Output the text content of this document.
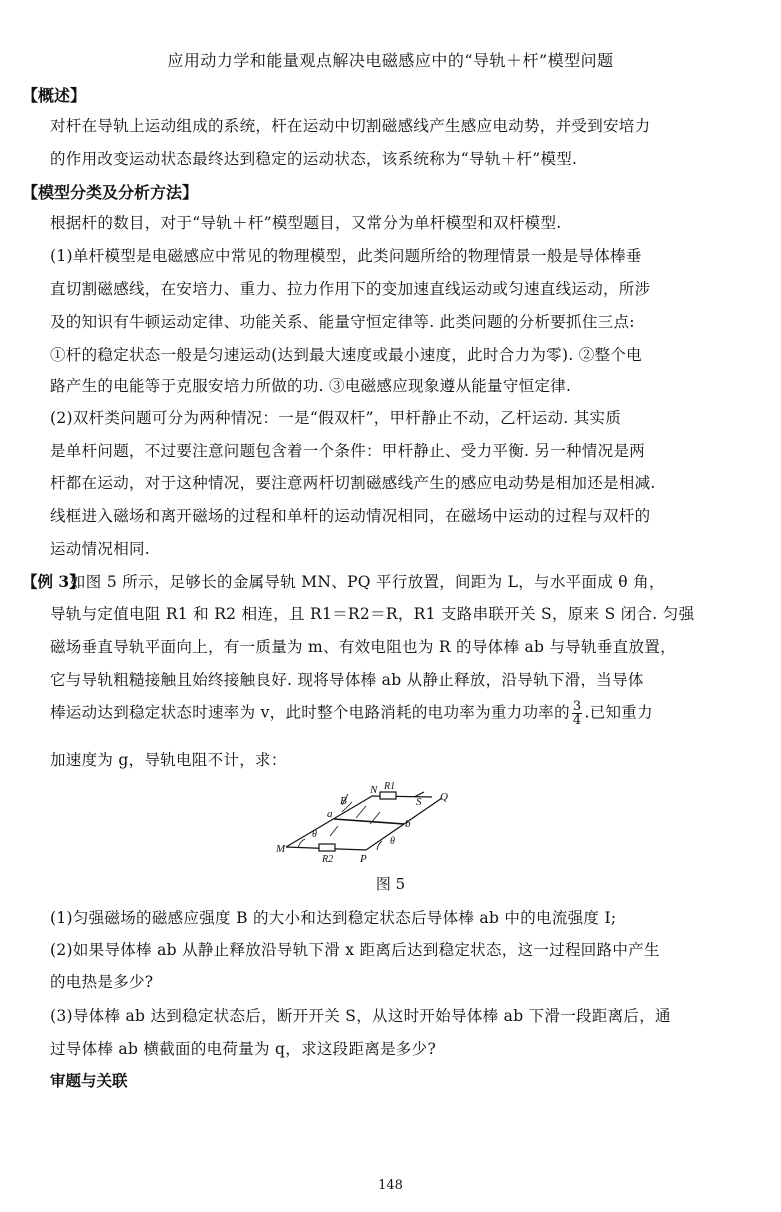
应用动力学和能量观点解决电磁感应中的“导轨＋杆”模型问题
【概述】
对杆在导轨上运动组成的系统，杆在运动中切割磁感线产生感应电动势，并受到安培力
的作用改变运动状态最终达到稳定的运动状态，该系统称为“导轨＋杆”模型.
【模型分类及分析方法】
根据杆的数目，对于“导轨＋杆”模型题目，又常分为单杆模型和双杆模型.
(1)单杆模型是电磁感应中常见的物理模型，此类问题所给的物理情景一般是导体棒垂
直切割磁感线，在安培力、重力、拉力作用下的变加速直线运动或匀速直线运动，所涉
及的知识有牛顿运动定律、功能关系、能量守恒定律等. 此类问题的分析要抓住三点:
①杆的稳定状态一般是匀速运动(达到最大速度或最小速度，此时合力为零). ②整个电
路产生的电能等于克服安培力所做的功. ③电磁感应现象遵从能量守恒定律.
(2)双杆类问题可分为两种情况：一是“假双杆”，甲杆静止不动，乙杆运动. 其实质
是单杆问题，不过要注意问题包含着一个条件：甲杆静止、受力平衡. 另一种情况是两
杆都在运动，对于这种情况，要注意两杆切割磁感线产生的感应电动势是相加还是相减.
线框进入磁场和离开磁场的过程和单杆的运动情况相同，在磁场中运动的过程与双杆的
运动情况相同.
【例 3】
如图 5 所示，足够长的金属导轨 MN、PQ 平行放置，间距为 L，与水平面成 θ 角，
导轨与定值电阻 R1 和 R2 相连，且 R1＝R2＝R，R1 支路串联开关 S，原来 S 闭合. 匀强
磁场垂直导轨平面向上，有一质量为 m、有效电阻也为 R 的导体棒 ab 与导轨垂直放置，
它与导轨粗糙接触且始终接触良好. 现将导体棒 ab 从静止释放，沿导轨下滑，当导体
棒运动达到稳定状态时速率为 v，此时整个电路消耗的电功率为重力功率的 $\frac{3}{4}$ .已知重力
加速度为 g，导轨电阻不计，求：
N R1
S Q
B
a
b
θ
θ
M
R2 P
图 5
(1)匀强磁场的磁感应强度 B 的大小和达到稳定状态后导体棒 ab 中的电流强度 I;
(2)如果导体棒 ab 从静止释放沿导轨下滑 x 距离后达到稳定状态，这一过程回路中产生
的电热是多少?
(3)导体棒 ab 达到稳定状态后，断开开关 S，从这时开始导体棒 ab 下滑一段距离后，通
过导体棒 ab 横截面的电荷量为 q，求这段距离是多少?
审题与关联
148
